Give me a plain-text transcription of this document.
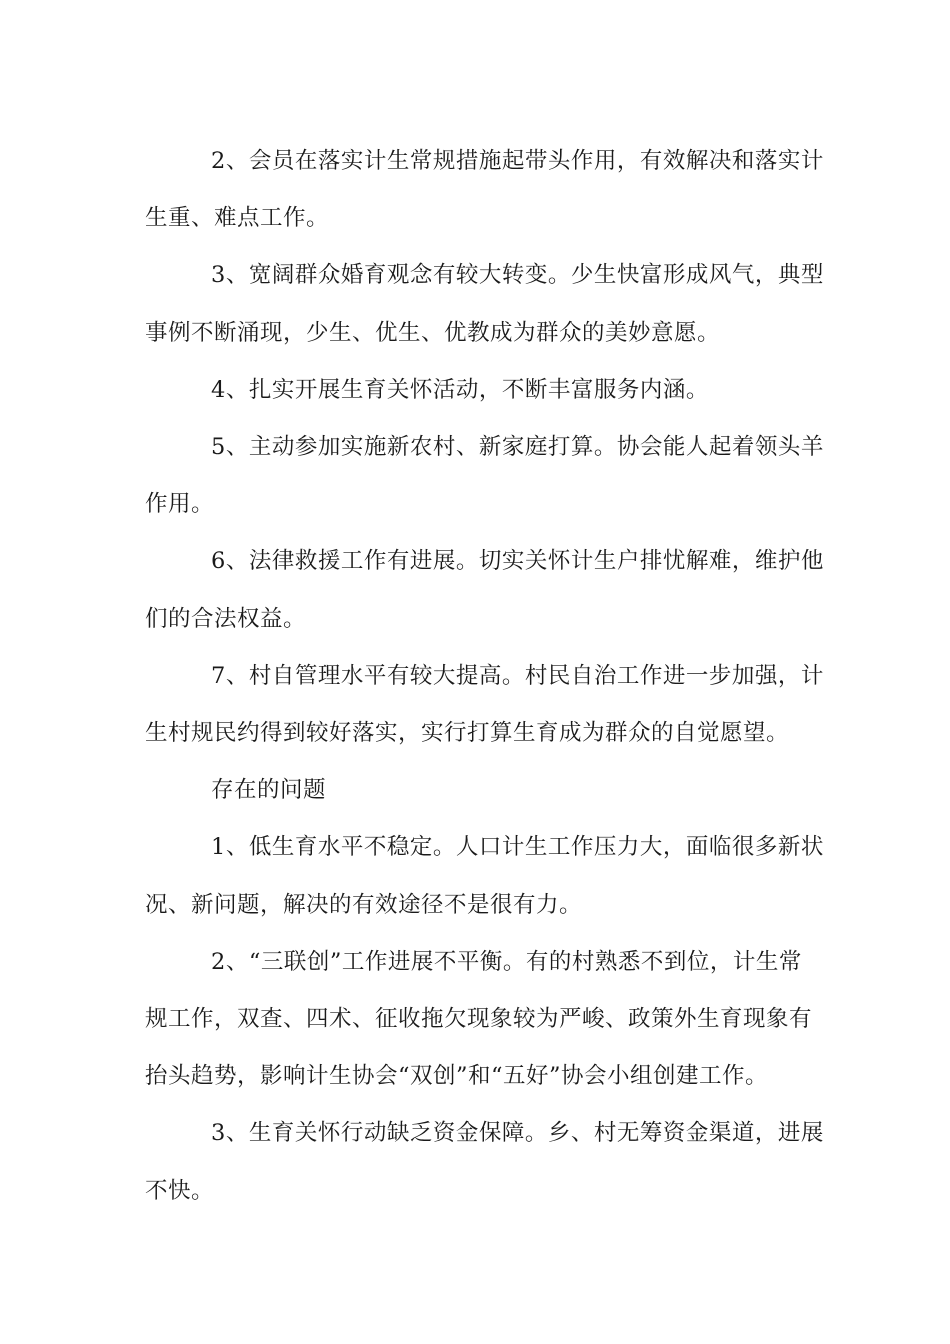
2、会员在落实计生常规措施起带头作用，有效解决和落实计
生重、难点工作。
3、宽阔群众婚育观念有较大转变。少生快富形成风气，典型
事例不断涌现，少生、优生、优教成为群众的美妙意愿。
4、扎实开展生育关怀活动，不断丰富服务内涵。
5、主动参加实施新农村、新家庭打算。协会能人起着领头羊
作用。
6、法律救援工作有进展。切实关怀计生户排忧解难，维护他
们的合法权益。
7、村自管理水平有较大提高。村民自治工作进一步加强，计
生村规民约得到较好落实，实行打算生育成为群众的自觉愿望。
存在的问题
1、低生育水平不稳定。人口计生工作压力大，面临很多新状
况、新问题，解决的有效途径不是很有力。
2、“三联创”工作进展不平衡。有的村熟悉不到位，计生常
规工作，双查、四术、征收拖欠现象较为严峻、政策外生育现象有
抬头趋势，影响计生协会“双创”和“五好”协会小组创建工作。
3、生育关怀行动缺乏资金保障。乡、村无筹资金渠道，进展
不快。
